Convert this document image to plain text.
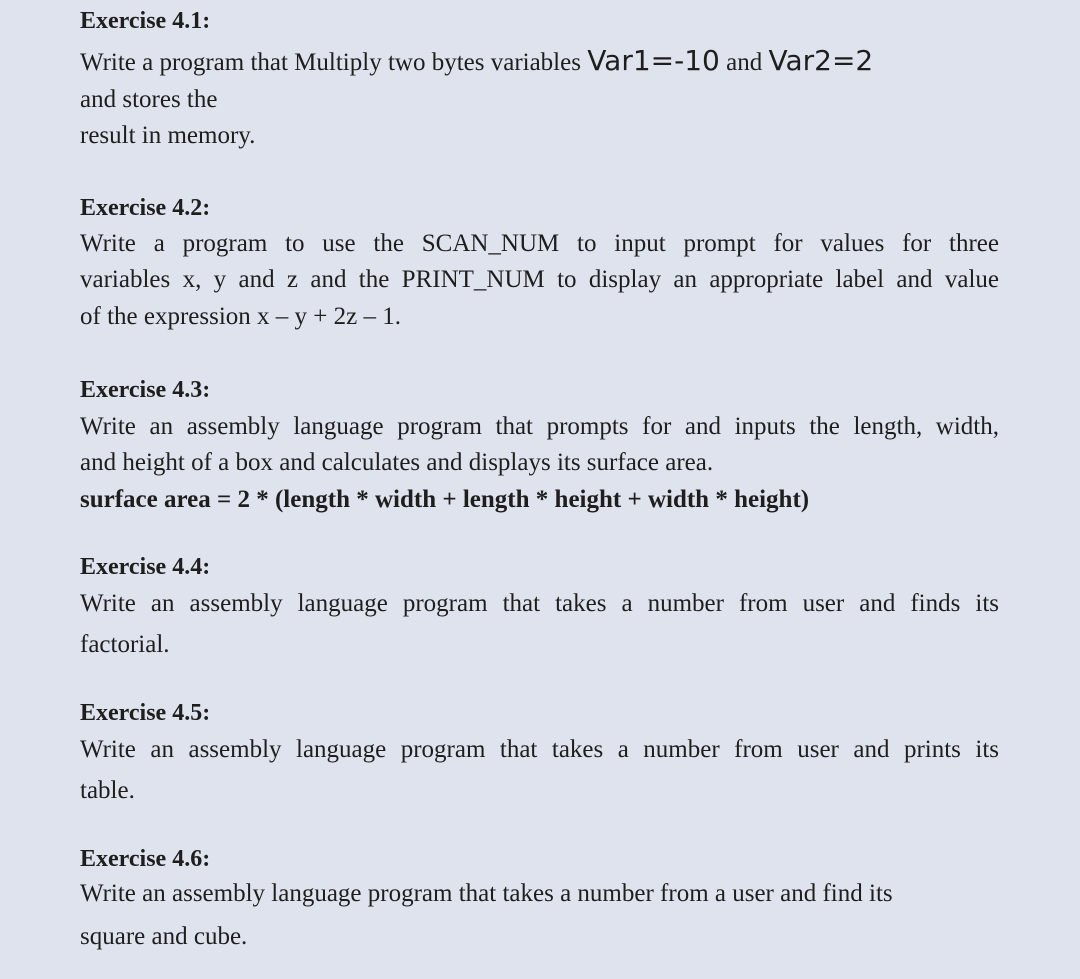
Exercise 4.1:

Write a program that Multiply two bytes variables Var1=-10 and Var2=2

and stores the

result in memory.

Exercise 4.2:

Write a program to use the SCAN_NUM to input prompt for values for three

variables x, y and z and the PRINT_NUM to display an appropriate label and value

of the expression x – y + 2z – 1.

Exercise 4.3:

Write an assembly language program that prompts for and inputs the length, width,

and height of a box and calculates and displays its surface area.

surface area = 2 * (length * width + length * height + width * height)

Exercise 4.4:

Write an assembly language program that takes a number from user and finds its

factorial.

Exercise 4.5:

Write an assembly language program that takes a number from user and prints its

table.

Exercise 4.6:

Write an assembly language program that takes a number from a user and find its

square and cube.
